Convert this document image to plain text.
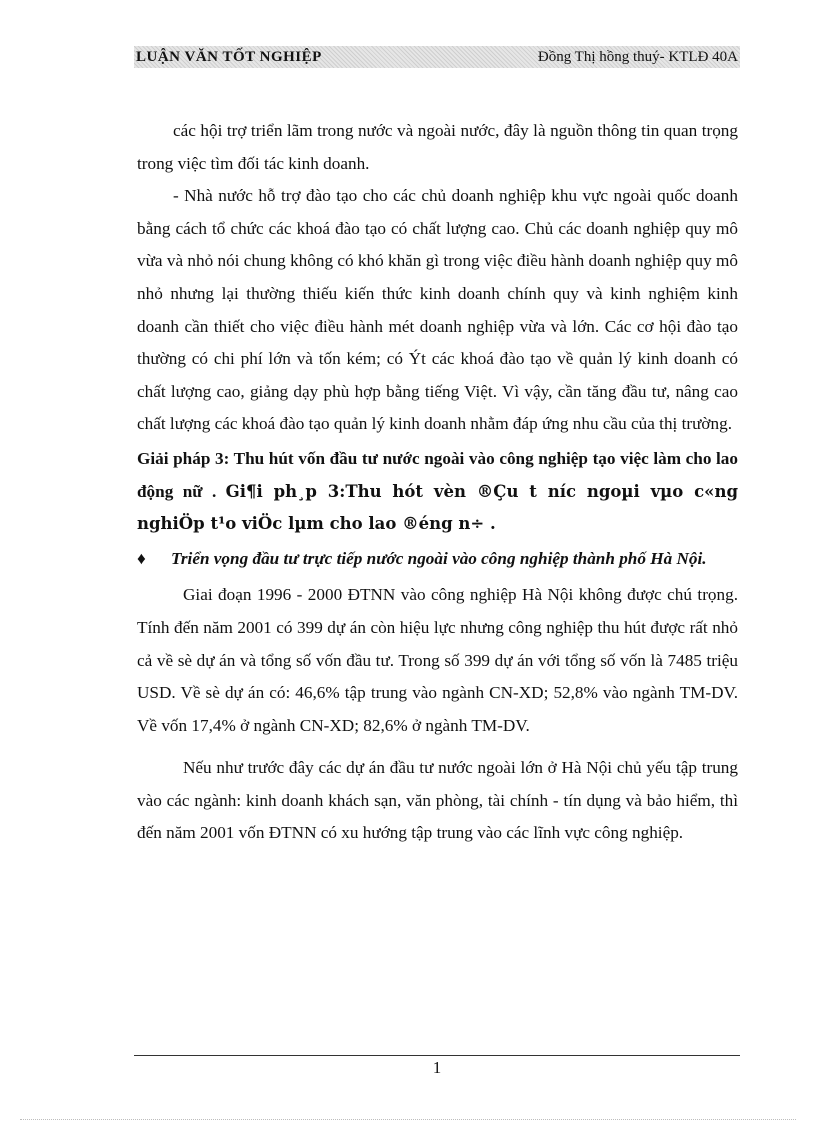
LUẬN VĂN TỐT NGHIỆP	Đồng Thị hồng thuý- KTLĐ 40A

các hội trợ triển lãm trong nước và ngoài nước, đây là nguồn thông tin quan trọng trong việc tìm đối tác kinh doanh.

- Nhà nước hỗ trợ đào tạo cho các chủ doanh nghiệp khu vực ngoài quốc doanh bằng cách tổ chức các khoá đào tạo có chất lượng cao. Chủ các doanh nghiệp quy mô vừa và nhỏ nói chung không có khó khăn gì trong việc điều hành doanh nghiệp quy mô nhỏ nhưng lại thường thiếu kiến thức kinh doanh chính quy và kinh nghiệm kinh doanh cần thiết cho việc điều hành mét doanh nghiệp vừa và lớn. Các cơ hội đào tạo thường có chi phí lớn và tốn kém; có Ýt các khoá đào tạo về quản lý kinh doanh có chất lượng cao, giảng dạy phù hợp bằng tiếng Việt. Vì vậy, cần tăng đầu tư, nâng cao chất lượng các khoá đào tạo quản lý kinh doanh nhằm đáp ứng nhu cầu của thị trường.

Giải pháp 3: Thu hút vốn đầu tư nước ngoài vào công nghiệp tạo việc làm cho lao động nữ . Gi¶i ph¸p 3:Thu hót vèn ®Çu t níc ngoµi vµo c«ng nghiÖp t¹o viÖc lµm cho lao ®éng n÷ .

♦ Triển vọng đầu tư trực tiếp nước ngoài vào công nghiệp thành phố Hà Nội.

Giai đoạn 1996 - 2000 ĐTNN vào công nghiệp Hà Nội không được chú trọng. Tính đến năm 2001 có 399 dự án còn hiệu lực nhưng công nghiệp thu hút được rất nhỏ cả về sè dự án và tổng số vốn đầu tư. Trong số 399 dự án với tổng số vốn là 7485 triệu USD. Về sè dự án có: 46,6% tập trung vào ngành CN-XD; 52,8% vào ngành TM-DV. Về vốn 17,4% ở ngành CN-XD; 82,6% ở ngành TM-DV.

Nếu như trước đây các dự án đầu tư nước ngoài lớn ở Hà Nội chủ yếu tập trung vào các ngành: kinh doanh khách sạn, văn phòng, tài chính - tín dụng và bảo hiểm, thì đến năm 2001 vốn ĐTNN có xu hướng tập trung vào các lĩnh vực công nghiệp.

1
